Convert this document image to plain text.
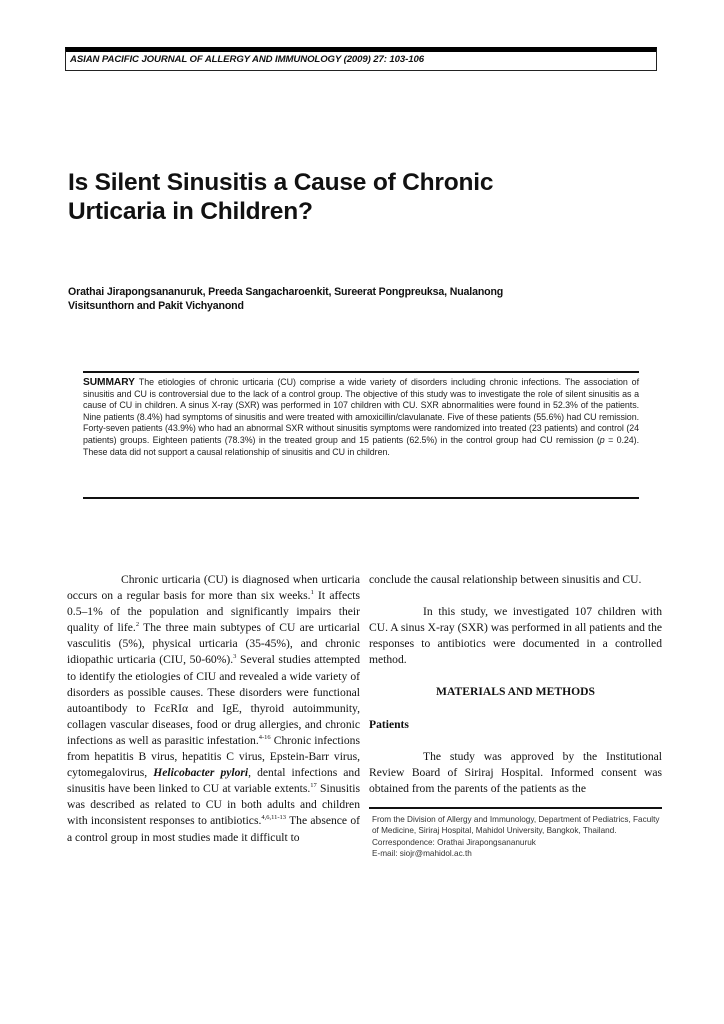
ASIAN PACIFIC JOURNAL OF ALLERGY AND IMMUNOLOGY (2009) 27: 103-106
Is Silent Sinusitis a Cause of Chronic
Urticaria in Children?
Orathai Jirapongsananuruk, Preeda Sangacharoenkit, Sureerat Pongpreuksa, Nualanong
Visitsunthorn and Pakit Vichyanond
SUMMARY The etiologies of chronic urticaria (CU) comprise a wide variety of disorders including chronic infections. The association of sinusitis and CU is controversial due to the lack of a control group. The objective of this study was to investigate the role of silent sinusitis as a cause of CU in children. A sinus X-ray (SXR) was performed in 107 children with CU. SXR abnormalities were found in 52.3% of the patients. Nine patients (8.4%) had symptoms of sinusitis and were treated with amoxicillin/clavulanate. Five of these patients (55.6%) had CU remission. Forty-seven patients (43.9%) who had an abnormal SXR without sinusitis symptoms were randomized into treated (23 patients) and control (24 patients) groups. Eighteen patients (78.3%) in the treated group and 15 patients (62.5%) in the control group had CU remission (p = 0.24). These data did not support a causal relationship of sinusitis and CU in children.

Chronic urticaria (CU) is diagnosed when urticaria occurs on a regular basis for more than six weeks.$^1$ It affects 0.5–1% of the population and significantly impairs their quality of life.$^2$ The three main subtypes of CU are urticarial vasculitis (5%), physical urticaria (35-45%), and chronic idiopathic urticaria (CIU, 50-60%).$^3$ Several studies attempted to identify the etiologies of CIU and revealed a wide variety of disorders as possible causes. These disorders were functional autoantibody to FcεRIα and IgE, thyroid autoimmunity, collagen vascular diseases, food or drug allergies, and chronic infections as well as parasitic infestation.$^{4-16}$ Chronic infections from hepatitis B virus, hepatitis C virus, Epstein-Barr virus, cytomegalovirus, Helicobacter pylori, dental infections and sinusitis have been linked to CU at variable extents.$^{17}$ Sinusitis was described as related to CU in both adults and children with inconsistent responses to antibiotics.$^{4,6,11-13}$ The absence of a control group in most studies made it difficult to

conclude the causal relationship between sinusitis and CU.

In this study, we investigated 107 children with CU. A sinus X-ray (SXR) was performed in all patients and the responses to antibiotics were documented in a controlled method.

MATERIALS AND METHODS

Patients

The study was approved by the Institutional Review Board of Siriraj Hospital. Informed consent was obtained from the parents of the patients as the

From the Division of Allergy and Immunology, Department of Pediatrics, Faculty of Medicine, Siriraj Hospital, Mahidol University, Bangkok, Thailand.
Correspondence: Orathai Jirapongsananuruk
E-mail: siojr@mahidol.ac.th
